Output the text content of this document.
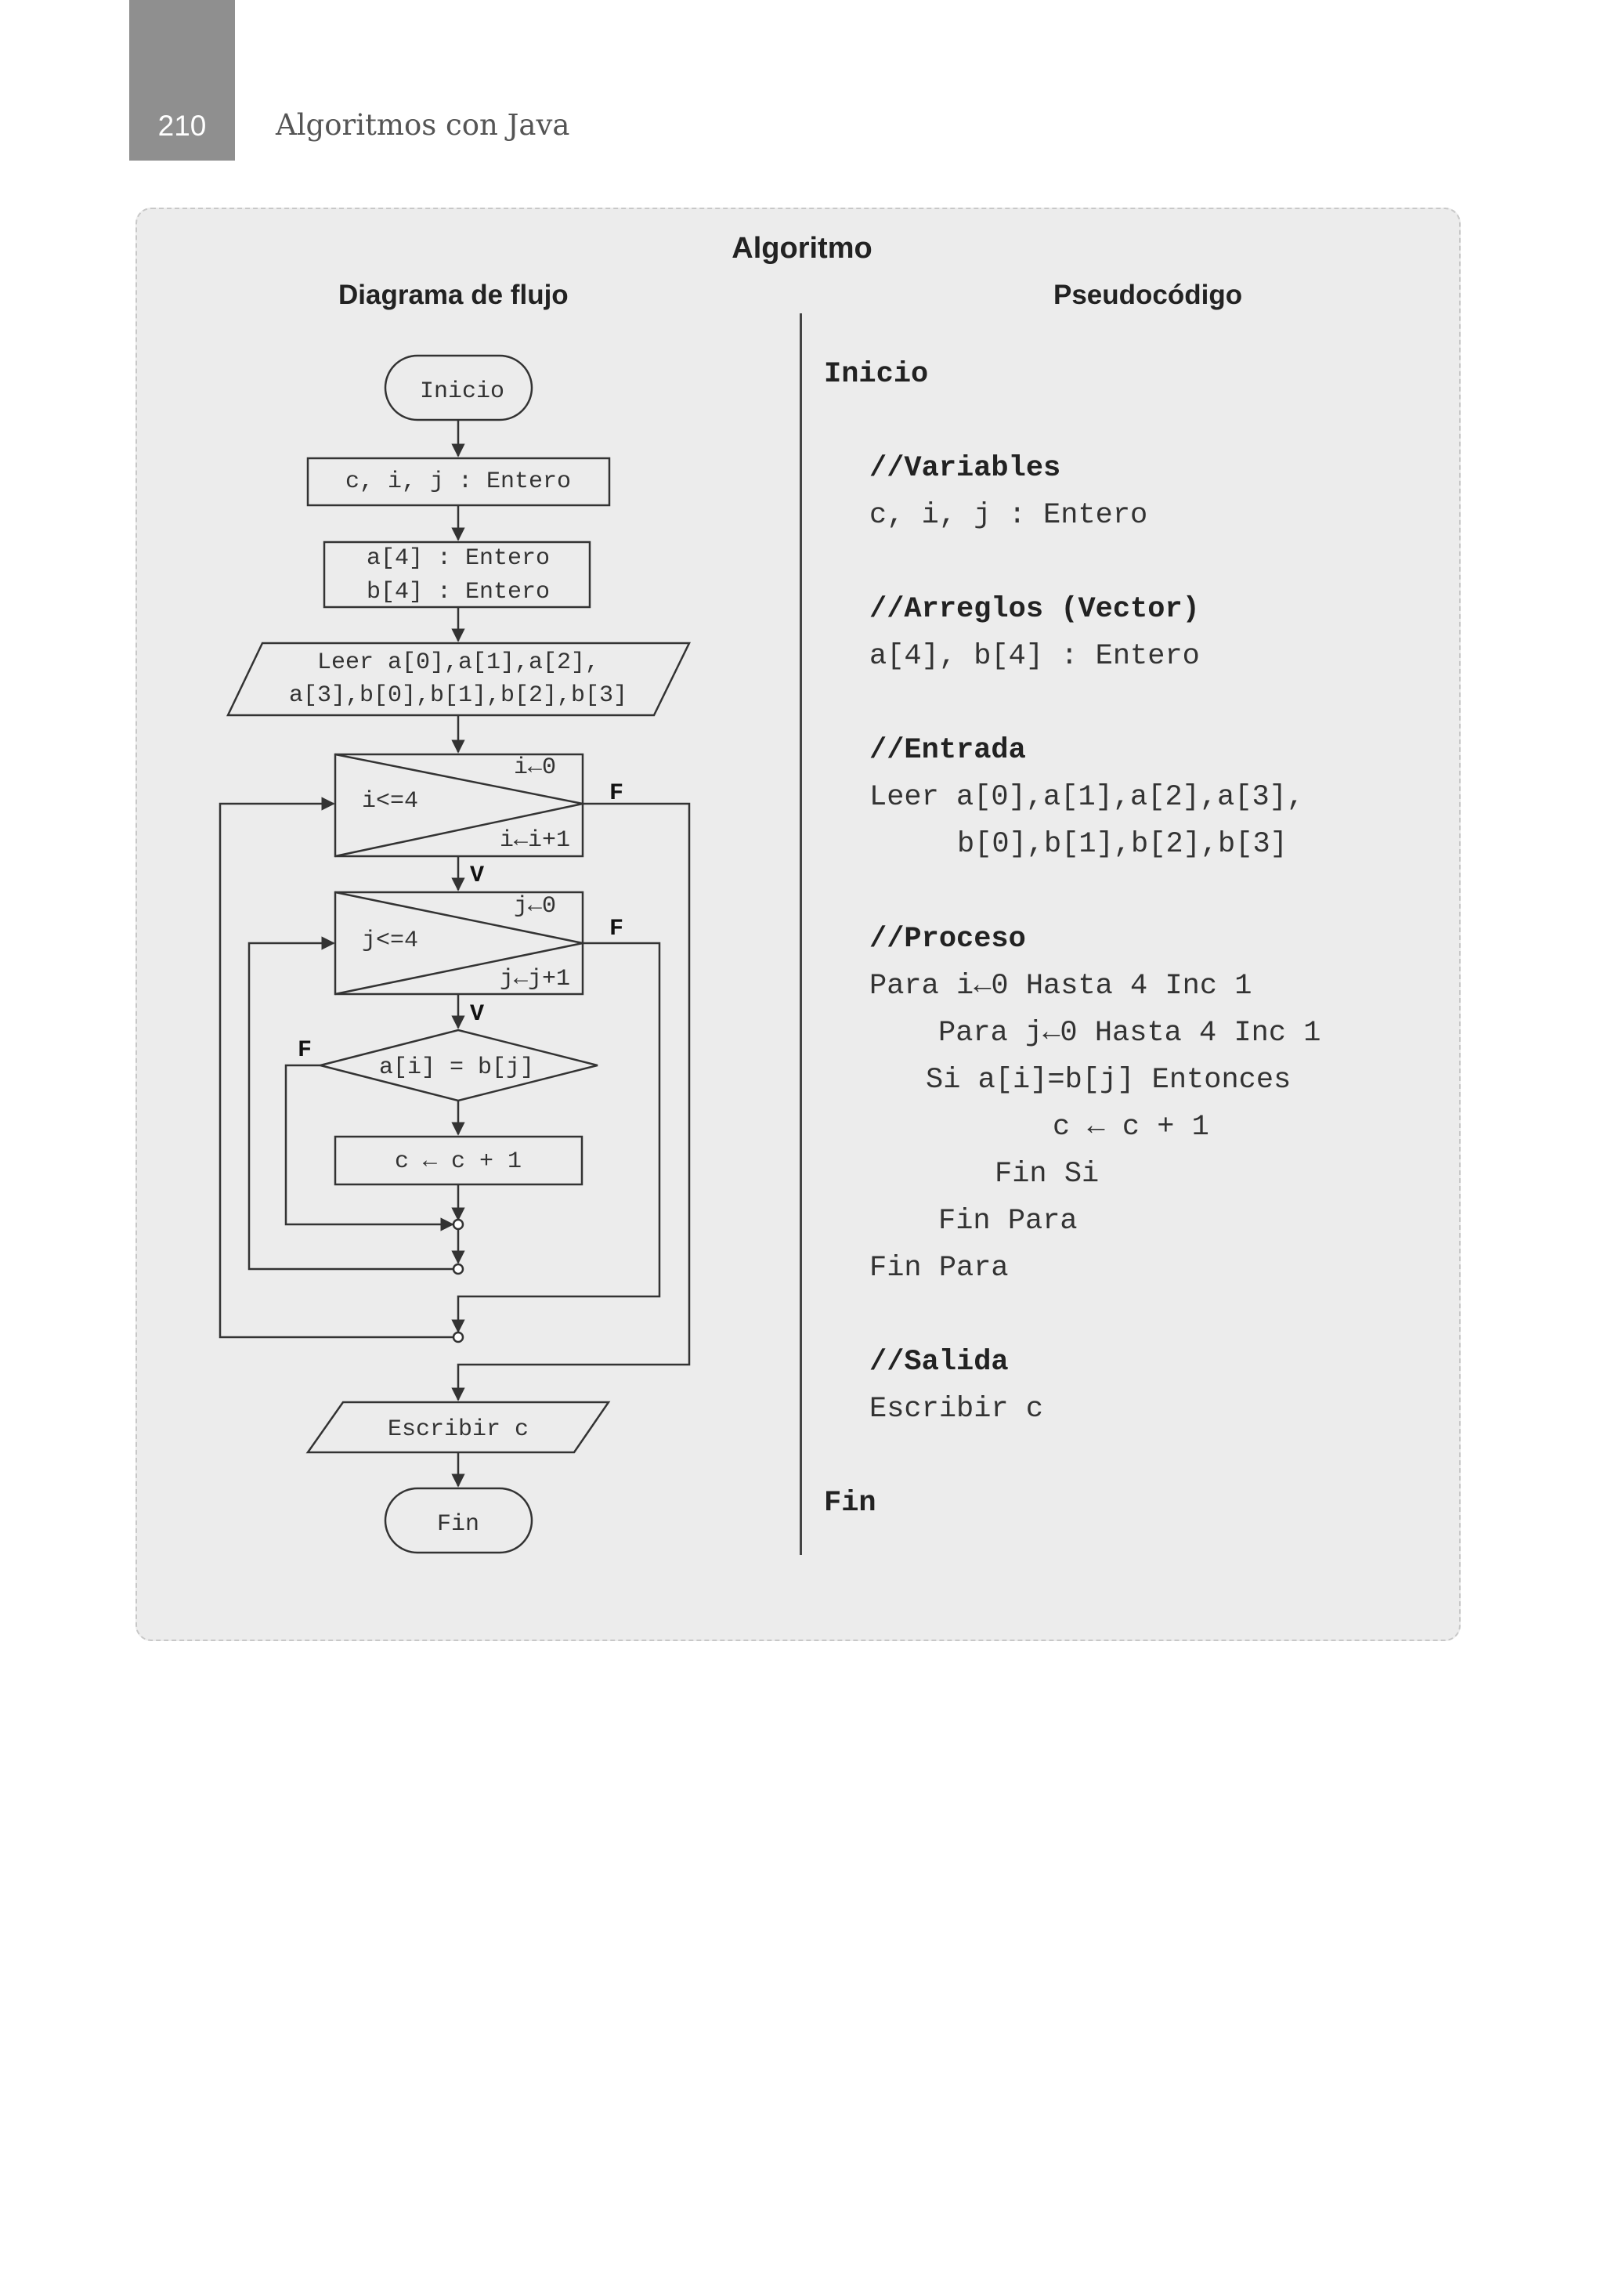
210	Algoritmos con Java
Algoritmo
Diagrama de flujo	Pseudocódigo
Inicio
c, i, j : Entero
a[4] : Entero
b[4] : Entero
Leer a[0],a[1],a[2],
a[3],b[0],b[1],b[2],b[3]
i←0
i<=4
i←i+1
j←0
j<=4
j←j+1
a[i] = b[j]
c ← c + 1
Escribir c
Fin
F
V
F
V
F
Inicio
//Variables
c, i, j : Entero
//Arreglos (Vector)
a[4], b[4] : Entero
//Entrada
Leer a[0],a[1],a[2],a[3],
b[0],b[1],b[2],b[3]
//Proceso
Para i←0 Hasta 4 Inc 1
Para j←0 Hasta 4 Inc 1
Si a[i]=b[j] Entonces
c ← c + 1
Fin Si
Fin Para
Fin Para
//Salida
Escribir c
Fin
